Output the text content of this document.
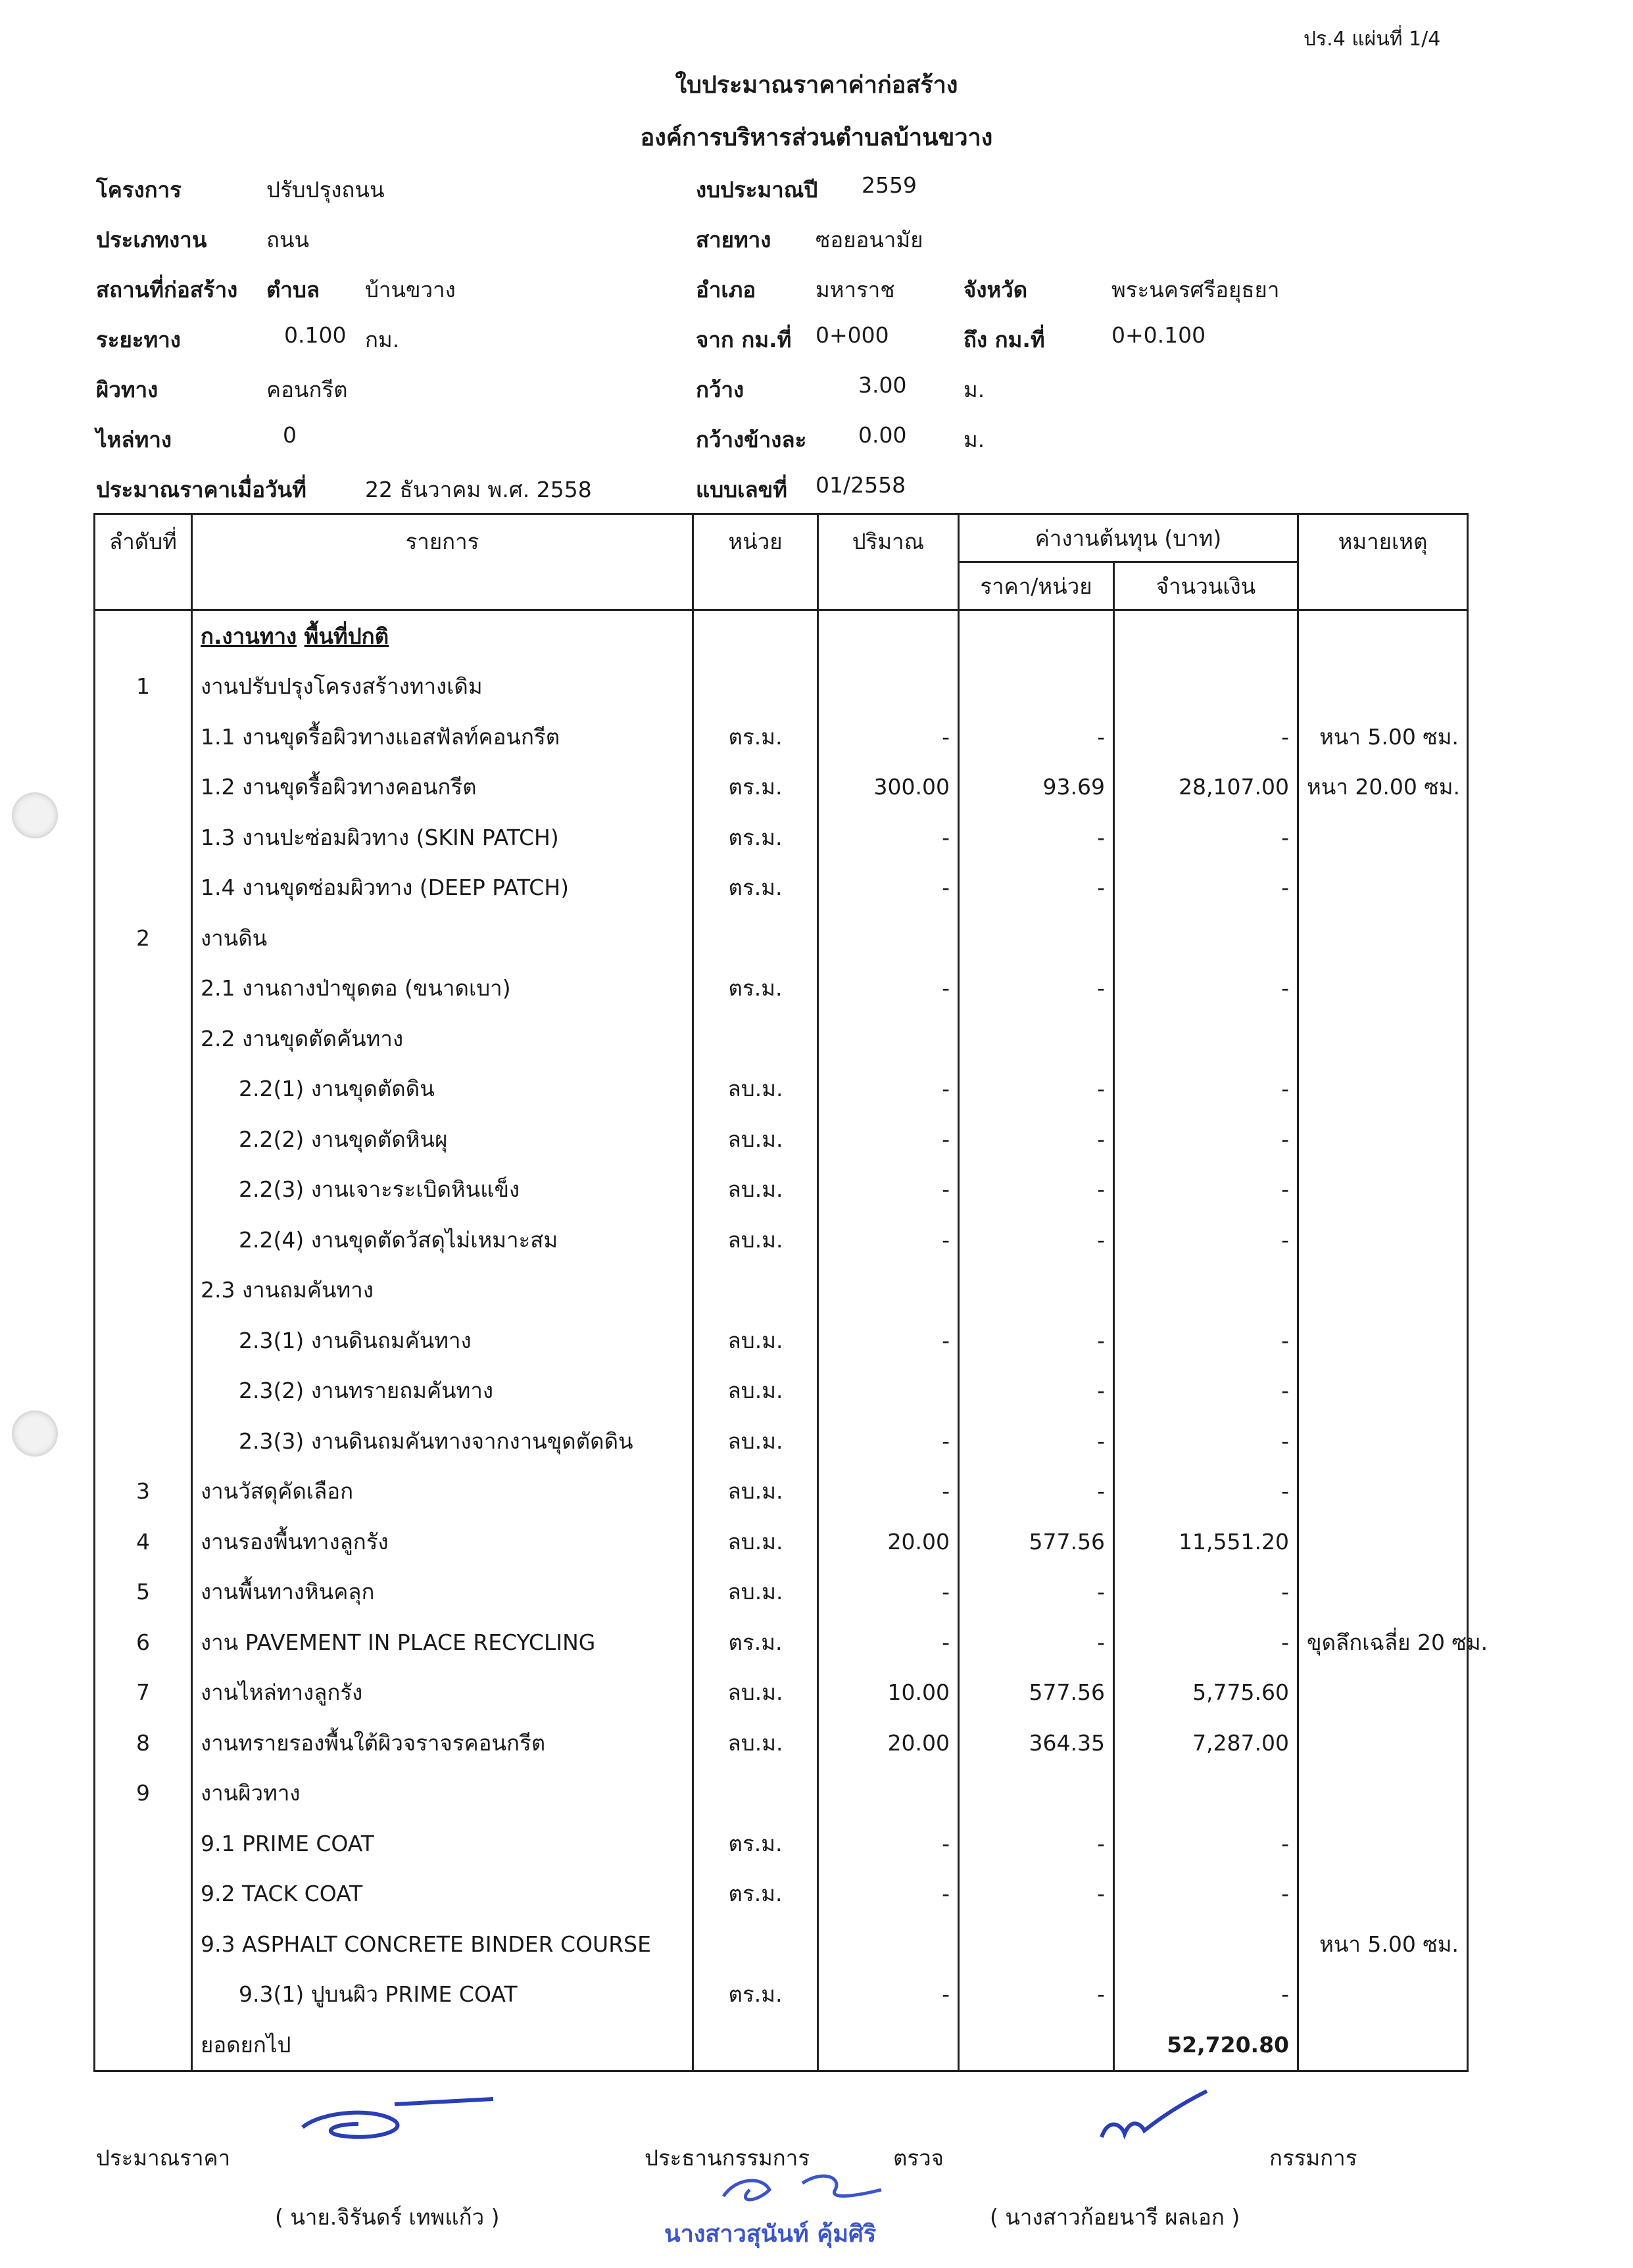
ปร.4 แผ่นที่ 1/4
ใบประมาณราคาค่าก่อสร้าง
องค์การบริหารส่วนตำบลบ้านขวาง
โครงการ	ปรับปรุงถนน	งบประมาณปี 2559
ประเภทงาน	ถนน	สายทาง ซอยอนามัย
สถานที่ก่อสร้าง ตำบล บ้านขวาง	อำเภอ	มหาราช	จังหวัด	พระนครศรีอยุธยา
ระยะทาง	0.100 กม.	จาก กม.ที่ 0+000	ถึง กม.ที่	0+0.100
ผิวทาง	คอนกรีต	กว้าง	3.00	ม.
ไหล่ทาง	0	กว้างข้างละ 0.00	ม.
ประมาณราคาเมื่อวันที่	22 ธันวาคม พ.ศ. 2558	แบบเลขที่ 01/2558
ลำดับที่	รายการ	หน่วย	ปริมาณ	ค่างานต้นทุน (บาท)		หมายเหตุ
				ราคา/หน่วย	จำนวนเงิน	
	ก.งานทาง พื้นที่ปกติ					
1	งานปรับปรุงโครงสร้างทางเดิม					
	1.1 งานขุดรื้อผิวทางแอสฟัลท์คอนกรีต	ตร.ม.	-	-	-	หนา 5.00 ซม.
	1.2 งานขุดรื้อผิวทางคอนกรีต	ตร.ม.	300.00	93.69	28,107.00	หนา 20.00 ซม.
	1.3 งานปะซ่อมผิวทาง (SKIN PATCH)	ตร.ม.	-	-	-	
	1.4 งานขุดซ่อมผิวทาง (DEEP PATCH)	ตร.ม.	-	-	-	
2	งานดิน					
	2.1 งานถางป่าขุดตอ (ขนาดเบา)	ตร.ม.	-	-	-	
	2.2 งานขุดตัดคันทาง					
	2.2(1) งานขุดตัดดิน	ลบ.ม.	-	-	-	
	2.2(2) งานขุดตัดหินผุ	ลบ.ม.	-	-	-	
	2.2(3) งานเจาะระเบิดหินแข็ง	ลบ.ม.	-	-	-	
	2.2(4) งานขุดตัดวัสดุไม่เหมาะสม	ลบ.ม.	-	-	-	
	2.3 งานถมคันทาง					
	2.3(1) งานดินถมคันทาง	ลบ.ม.	-	-	-	
	2.3(2) งานทรายถมคันทาง	ลบ.ม.		-	-	
	2.3(3) งานดินถมคันทางจากงานขุดตัดดิน	ลบ.ม.	-	-	-	
3	งานวัสดุคัดเลือก	ลบ.ม.	-	-	-	
4	งานรองพื้นทางลูกรัง	ลบ.ม.	20.00	577.56	11,551.20	
5	งานพื้นทางหินคลุก	ลบ.ม.	-	-	-	
6	งาน PAVEMENT IN PLACE RECYCLING	ตร.ม.	-	-	-	ขุดลึกเฉลี่ย 20 ซม.
7	งานไหล่ทางลูกรัง	ลบ.ม.	10.00	577.56	5,775.60	
8	งานทรายรองพื้นใต้ผิวจราจรคอนกรีต	ลบ.ม.	20.00	364.35	7,287.00	
9	งานผิวทาง					
	9.1 PRIME COAT	ตร.ม.	-	-	-	
	9.2 TACK COAT	ตร.ม.	-	-	-	
	9.3 ASPHALT CONCRETE BINDER COURSE					หนา 5.00 ซม.
	9.3(1) ปูบนผิว PRIME COAT	ตร.ม.	-	-	-	
	ยอดยกไป				52,720.80	
ประมาณราคา	ประธานกรรมการ	ตรวจ	กรรมการ
( นาย.จิรันดร์ เทพแก้ว )	( นางสาวก้อยนารี ผลเอก )
นางสาวสุนันท์ คุ้มศิริ
